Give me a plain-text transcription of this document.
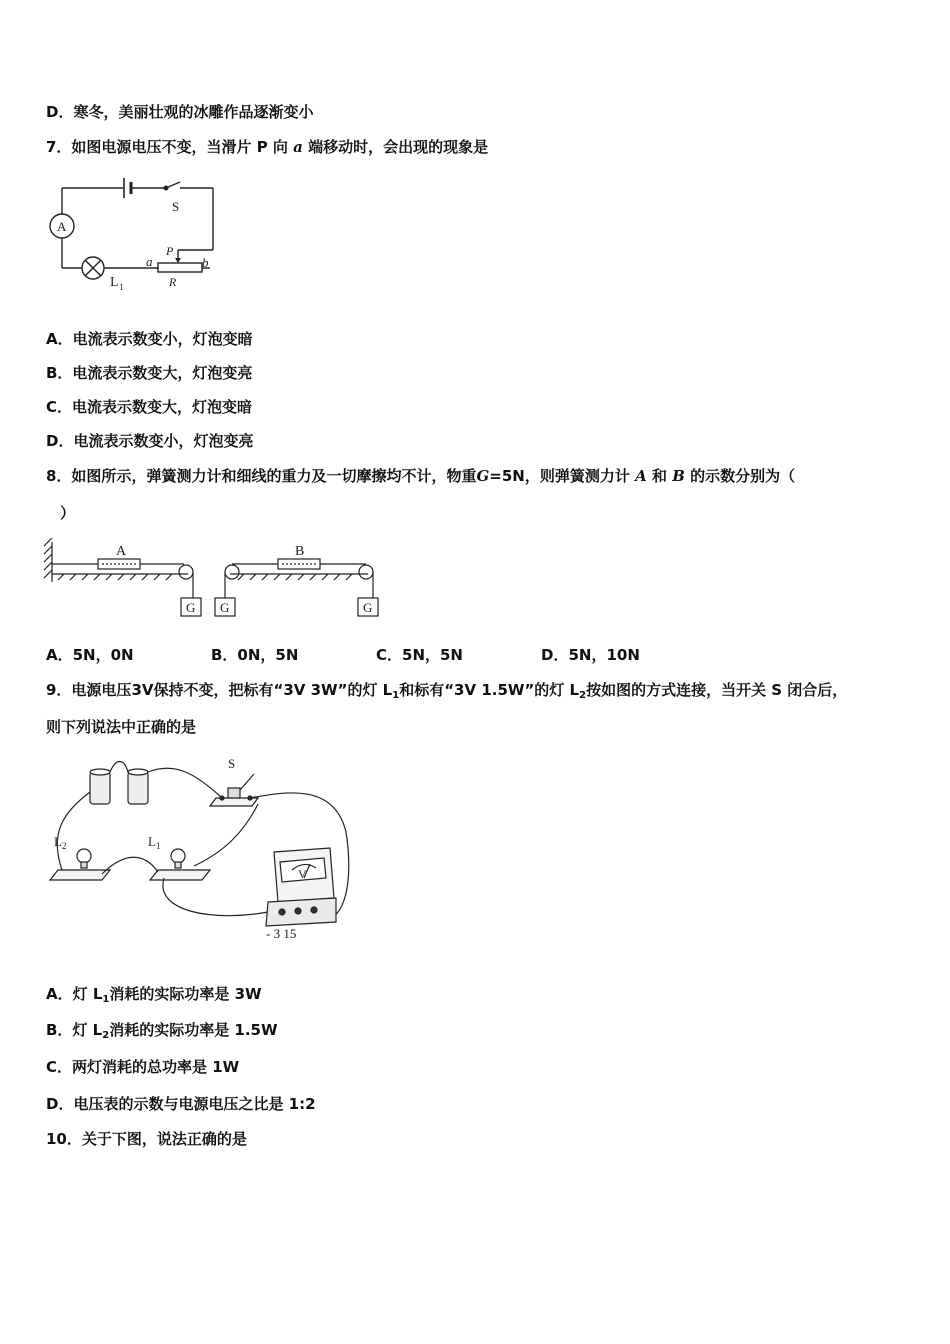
D．寒冬，美丽壮观的冰雕作品逐渐变小
7．如图电源电压不变，当滑片 P 向 a 端移动时，会出现的现象是
A
S
L 1
a	b
P
R
A．电流表示数变小，灯泡变暗
B．电流表示数变大，灯泡变亮
C．电流表示数变大，灯泡变暗
D．电流表示数变小，灯泡变亮
8．如图所示，弹簧测力计和细线的重力及一切摩擦均不计，物重G=5N，则弹簧测力计 A 和 B 的示数分别为（
）
A	B
G G	G
A．5N，0N	B．0N，5N	C．5N，5N	D．5N，10N
9．电源电压3V保持不变，把标有“3V 3W”的灯 $L_1$和标有“3V 1.5W”的灯 $L_2$按如图的方式连接，当开关 S 闭合后，
则下列说法中正确的是
S
L 2	L 1
V
- 3 15
A．灯 $L_1$消耗的实际功率是 3W
B．灯 $L_2$消耗的实际功率是 1.5W
C．两灯消耗的总功率是 1W
D．电压表的示数与电源电压之比是 1:2
10．关于下图，说法正确的是
